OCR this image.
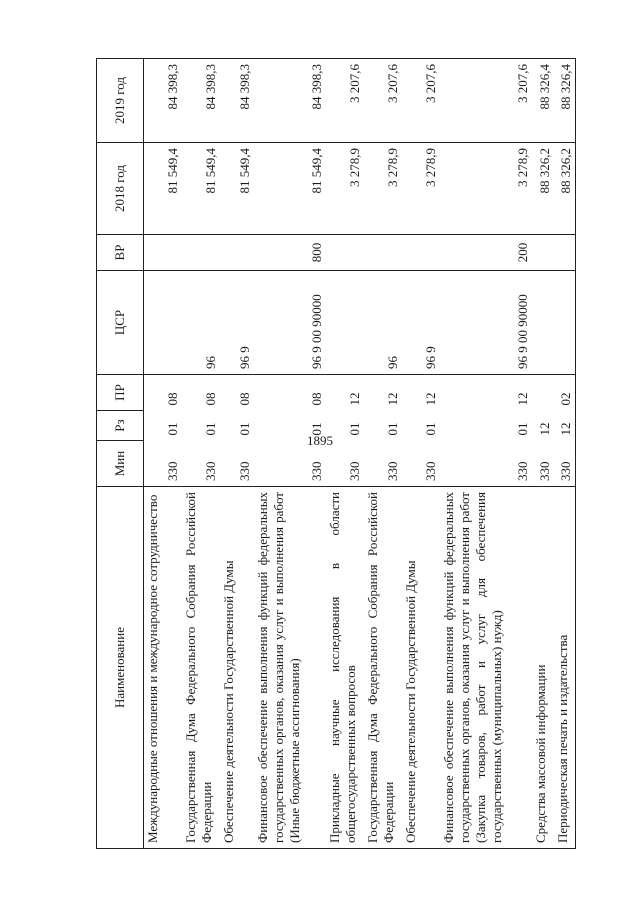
1895
Наименование	Мин	Рз	ПР	ЦСР	ВР	2018 год	2019 год
Международные отношения и международное сотрудничество	330	01	08			81 549,4	84 398,3
Государственная Дума Федерального Собрания Российской Федерации	330	01	08	96		81 549,4	84 398,3
Обеспечение деятельности Государственной Думы	330	01	08	96 9		81 549,4	84 398,3
Финансовое обеспечение выполнения функций федеральных государственных органов, оказания услуг и выполнения работ (Иные бюджетные ассигнования)	330	01	08	96 9 00 90000	800	81 549,4	84 398,3
Прикладные научные исследования в области общегосударственных вопросов	330	01	12			3 278,9	3 207,6
Государственная Дума Федерального Собрания Российской Федерации	330	01	12	96		3 278,9	3 207,6
Обеспечение деятельности Государственной Думы	330	01	12	96 9		3 278,9	3 207,6
Финансовое обеспечение выполнения функций федеральных государственных органов, оказания услуг и выполнения работ (Закупка товаров, работ и услуг для обеспечения государственных (муниципальных) нужд)	330	01	12	96 9 00 90000	200	3 278,9	3 207,6
Средства массовой информации	330	12				88 326,2	88 326,4
Периодическая печать и издательства	330	12	02			88 326,2	88 326,4
